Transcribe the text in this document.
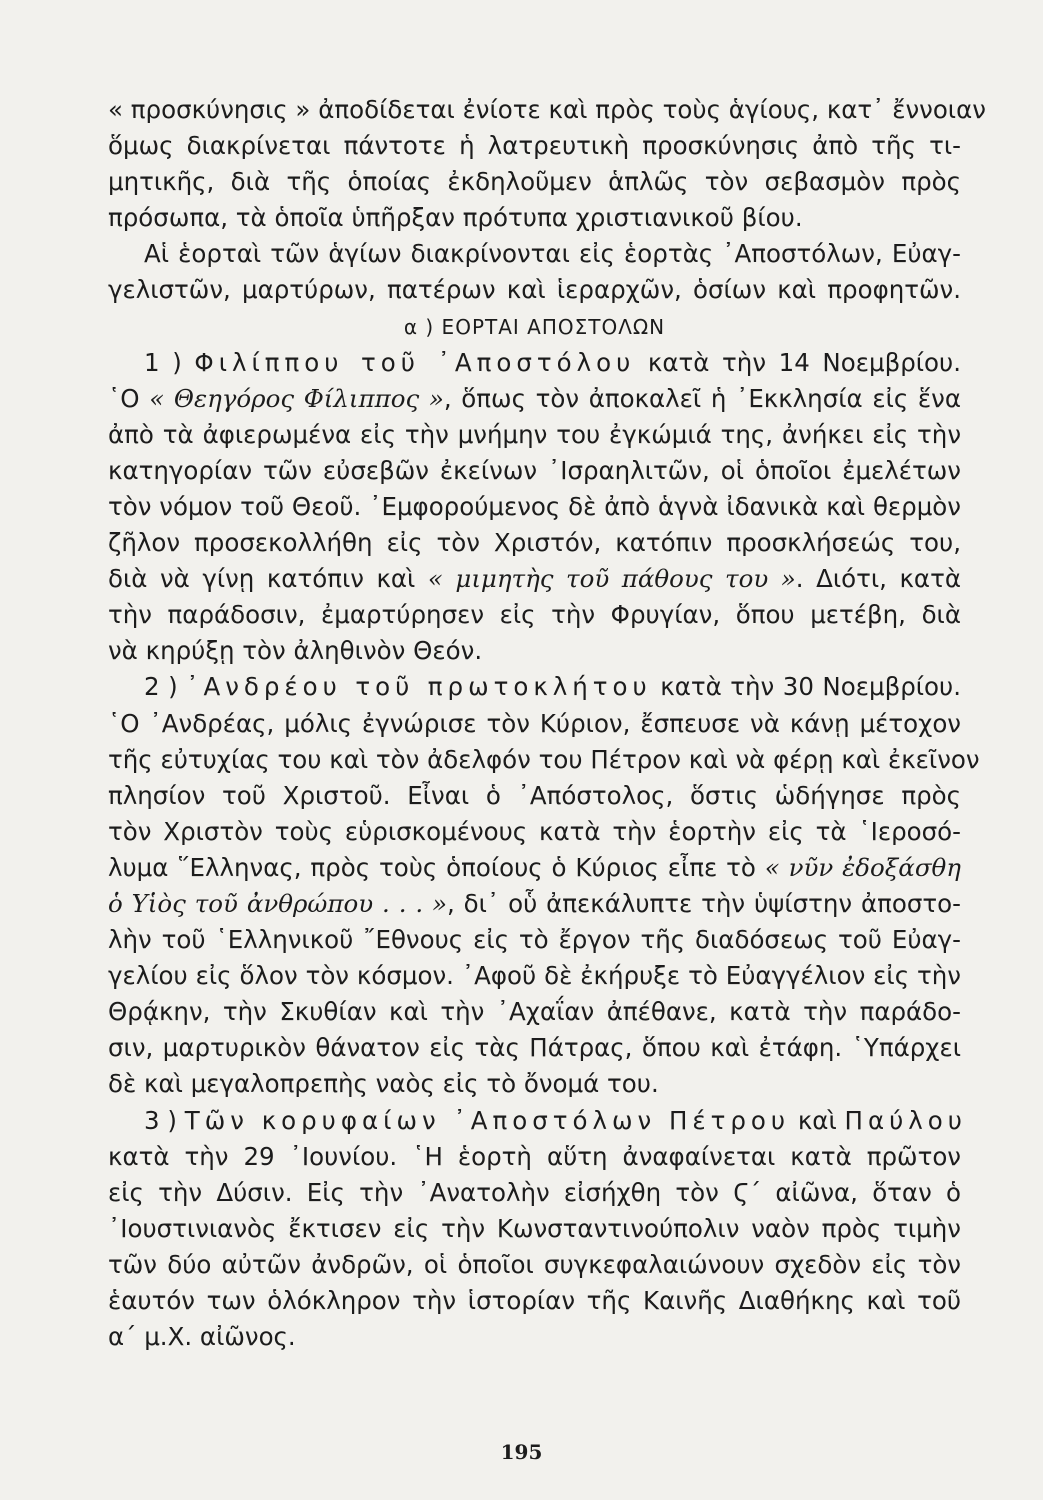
« προσκύνησις » ἀποδίδεται ἐνίοτε καὶ πρὸς τοὺς ἁγίους, κατ᾽ ἔννοιαν
ὅμως διακρίνεται πάντοτε ἡ λατρευτικὴ προσκύνησις ἀπὸ τῆς τι-
μητικῆς, διὰ τῆς ὁποίας ἐκδηλοῦμεν ἁπλῶς τὸν σεβασμὸν πρὸς
πρόσωπα, τὰ ὁποῖα ὑπῆρξαν πρότυπα χριστιανικοῦ βίου.
Αἱ ἑορταὶ τῶν ἁγίων διακρίνονται εἰς ἑορτὰς ᾿Αποστόλων, Εὐαγ-
γελιστῶν, μαρτύρων, πατέρων καὶ ἱεραρχῶν, ὁσίων καὶ προφητῶν.
α ) ΕΟΡΤΑΙ ΑΠΟΣΤΟΛΩΝ
1 ) Φιλίππου τοῦ ᾿Αποστόλου κατὰ τὴν 14 Νοεμβρίου.
῾Ο « Θεηγόρος Φίλιππος », ὅπως τὸν ἀποκαλεῖ ἡ ᾿Εκκλησία εἰς ἕνα
ἀπὸ τὰ ἀφιερωμένα εἰς τὴν μνήμην του ἐγκώμιά της, ἀνήκει εἰς τὴν
κατηγορίαν τῶν εὐσεβῶν ἐκείνων ᾿Ισραηλιτῶν, οἱ ὁποῖοι ἐμελέτων
τὸν νόμον τοῦ Θεοῦ. ᾿Εμφορούμενος δὲ ἀπὸ ἁγνὰ ἰδανικὰ καὶ θερμὸν
ζῆλον προσεκολλήθη εἰς τὸν Χριστόν, κατόπιν προσκλήσεώς του,
διὰ νὰ γίνῃ κατόπιν καὶ « μιμητὴς τοῦ πάθους του ». Διότι, κατὰ
τὴν παράδοσιν, ἐμαρτύρησεν εἰς τὴν Φρυγίαν, ὅπου μετέβη, διὰ
νὰ κηρύξῃ τὸν ἀληθινὸν Θεόν.
2 ) ᾿Ανδρέου τοῦ πρωτοκλήτου κατὰ τὴν 30 Νοεμβρίου.
῾Ο ᾿Ανδρέας, μόλις ἐγνώρισε τὸν Κύριον, ἔσπευσε νὰ κάνῃ μέτοχον
τῆς εὐτυχίας του καὶ τὸν ἀδελφόν του Πέτρον καὶ νὰ φέρῃ καὶ ἐκεῖνον
πλησίον τοῦ Χριστοῦ. Εἶναι ὁ ᾿Απόστολος, ὅστις ὡδήγησε πρὸς
τὸν Χριστὸν τοὺς εὑρισκομένους κατὰ τὴν ἑορτὴν εἰς τὰ ῾Ιεροσό-
λυμα ῞Ελληνας, πρὸς τοὺς ὁποίους ὁ Κύριος εἶπε τὸ « νῦν ἐδοξάσθη
ὁ Υἱὸς τοῦ ἀνθρώπου . . . », δι᾽ οὗ ἀπεκάλυπτε τὴν ὑψίστην ἀποστο-
λὴν τοῦ ῾Ελληνικοῦ ῎Εθνους εἰς τὸ ἔργον τῆς διαδόσεως τοῦ Εὐαγ-
γελίου εἰς ὅλον τὸν κόσμον. ᾿Αφοῦ δὲ ἐκήρυξε τὸ Εὐαγγέλιον εἰς τὴν
Θρᾴκην, τὴν Σκυθίαν καὶ τὴν ᾿Αχαΐαν ἀπέθανε, κατὰ τὴν παράδο-
σιν, μαρτυρικὸν θάνατον εἰς τὰς Πάτρας, ὅπου καὶ ἐτάφη. ῾Υπάρχει
δὲ καὶ μεγαλοπρεπὴς ναὸς εἰς τὸ ὄνομά του.
3 ) Τῶν κορυφαίων ᾿Αποστόλων Πέτρου καὶ Παύλου
κατὰ τὴν 29 ᾿Ιουνίου. ῾Η ἑορτὴ αὕτη ἀναφαίνεται κατὰ πρῶτον
εἰς τὴν Δύσιν. Εἰς τὴν ᾿Ανατολὴν εἰσήχθη τὸν Ϛ΄ αἰῶνα, ὅταν ὁ
᾿Ιουστινιανὸς ἔκτισεν εἰς τὴν Κωνσταντινούπολιν ναὸν πρὸς τιμὴν
τῶν δύο αὐτῶν ἀνδρῶν, οἱ ὁποῖοι συγκεφαλαιώνουν σχεδὸν εἰς τὸν
ἑαυτόν των ὁλόκληρον τὴν ἱστορίαν τῆς Καινῆς Διαθήκης καὶ τοῦ
α΄ μ.Χ. αἰῶνος.
195
